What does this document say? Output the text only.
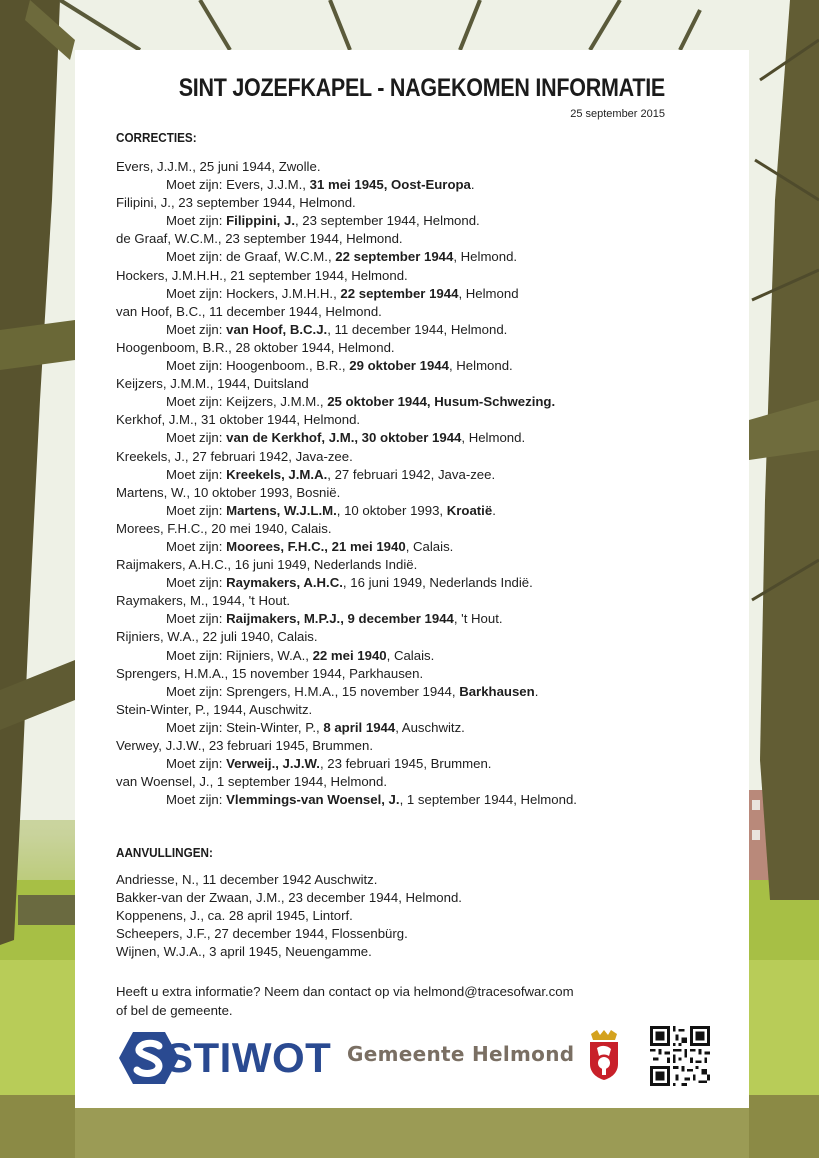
SINT JOZEFKAPEL - NAGEKOMEN INFORMATIE
25 september 2015
CORRECTIES:
Evers, J.J.M., 25 juni 1944, Zwolle.
Moet zijn: Evers, J.J.M., 31 mei 1945, Oost-Europa.
Filipini, J., 23 september 1944, Helmond.
Moet zijn: Filippini, J., 23 september 1944, Helmond.
de Graaf, W.C.M., 23 september 1944, Helmond.
Moet zijn: de Graaf, W.C.M., 22 september 1944, Helmond.
Hockers, J.M.H.H., 21 september 1944, Helmond.
Moet zijn: Hockers, J.M.H.H., 22 september 1944, Helmond
van Hoof, B.C., 11 december 1944, Helmond.
Moet zijn: van Hoof, B.C.J., 11 december 1944, Helmond.
Hoogenboom, B.R., 28 oktober 1944, Helmond.
Moet zijn: Hoogenboom., B.R., 29 oktober 1944, Helmond.
Keijzers, J.M.M., 1944, Duitsland
Moet zijn: Keijzers, J.M.M., 25 oktober 1944, Husum-Schwezing.
Kerkhof, J.M., 31 oktober 1944, Helmond.
Moet zijn: van de Kerkhof, J.M., 30 oktober 1944, Helmond.
Kreekels, J., 27 februari 1942, Java-zee.
Moet zijn: Kreekels, J.M.A., 27 februari 1942, Java-zee.
Martens, W., 10 oktober 1993, Bosnië.
Moet zijn: Martens, W.J.L.M., 10 oktober 1993, Kroatië.
Morees, F.H.C., 20 mei 1940, Calais.
Moet zijn: Moorees, F.H.C., 21 mei 1940, Calais.
Raijmakers, A.H.C., 16 juni 1949, Nederlands Indië.
Moet zijn: Raymakers, A.H.C., 16 juni 1949, Nederlands Indië.
Raymakers, M., 1944, 't Hout.
Moet zijn: Raijmakers, M.P.J., 9 december 1944, 't Hout.
Rijniers, W.A., 22 juli 1940, Calais.
Moet zijn: Rijniers, W.A., 22 mei 1940, Calais.
Sprengers, H.M.A., 15 november 1944, Parkhausen.
Moet zijn: Sprengers, H.M.A., 15 november 1944, Barkhausen.
Stein-Winter, P., 1944, Auschwitz.
Moet zijn: Stein-Winter, P., 8 april 1944, Auschwitz.
Verwey, J.J.W., 23 februari 1945, Brummen.
Moet zijn: Verweij., J.J.W., 23 februari 1945, Brummen.
van Woensel, J., 1 september 1944, Helmond.
Moet zijn: Vlemmings-van Woensel, J., 1 september 1944, Helmond.
AANVULLINGEN:
Andriesse, N., 11 december 1942 Auschwitz.
Bakker-van der Zwaan, J.M., 23 december 1944, Helmond.
Koppenens, J., ca. 28 april 1945, Lintorf.
Scheepers, J.F., 27 december 1944, Flossenbürg.
Wijnen, W.J.A., 3 april 1945, Neuengamme.
Heeft u extra informatie? Neem dan contact op via helmond@tracesofwar.com
of bel de gemeente.
STIWOT Gemeente Helmond
